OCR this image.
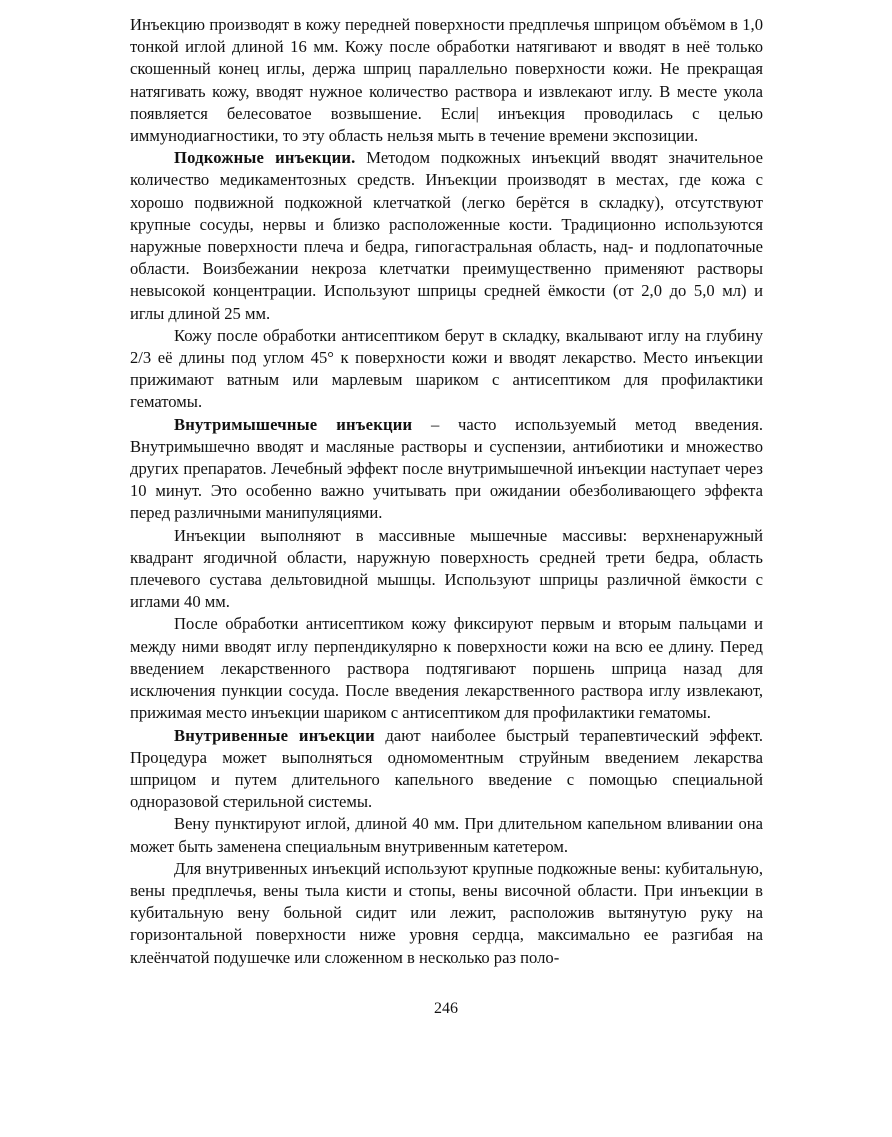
Инъекцию производят в кожу передней поверхности предплечья шприцом объёмом в 1,0 тонкой иглой длиной 16 мм. Кожу после обработки натягивают и вводят в неё только скошенный конец иглы, держа шприц параллельно поверхности кожи. Не прекращая натягивать кожу, вводят нужное количество раствора и извлекают иглу. В месте укола появляется белесоватое возвышение. Если| инъекция проводилась с целью иммунодиагностики, то эту область нельзя мыть в течение времени экспозиции.

Подкожные инъекции. Методом подкожных инъекций вводят значительное количество медикаментозных средств. Инъекции производят в местах, где кожа с хорошо подвижной подкожной клетчаткой (легко берётся в складку), отсутствуют крупные сосуды, нервы и близко расположенные кости. Традиционно используются наружные поверхности плеча и бедра, гипогастральная область, над- и подлопаточные области. Воизбежании некроза клетчатки преимущественно применяют растворы невысокой концентрации. Используют шприцы средней ёмкости (от 2,0 до 5,0 мл) и иглы длиной 25 мм.

Кожу после обработки антисептиком берут в складку, вкалывают иглу на глубину 2/3 её длины под углом 45° к поверхности кожи и вводят лекарство. Место инъекции прижимают ватным или марлевым шариком с антисептиком для профилактики гематомы.

Внутримышечные инъекции – часто используемый метод введения. Внутримышечно вводят и масляные растворы и суспензии, антибиотики и множество других препаратов. Лечебный эффект после внутримышечной инъекции наступает через 10 минут. Это особенно важно учитывать при ожидании обезболивающего эффекта перед различными манипуляциями.

Инъекции выполняют в массивные мышечные массивы: верхненаружный квадрант ягодичной области, наружную поверхность средней трети бедра, область плечевого сустава дельтовидной мышцы. Используют шприцы различной ёмкости с иглами 40 мм.

После обработки антисептиком кожу фиксируют первым и вторым пальцами и между ними вводят иглу перпендикулярно к поверхности кожи на всю ее длину. Перед введением лекарственного раствора подтягивают поршень шприца назад для исключения пункции сосуда. После введения лекарственного раствора иглу извлекают, прижимая место инъекции шариком с антисептиком для профилактики гематомы.

Внутривенные инъекции дают наиболее быстрый терапевтический эффект. Процедура может выполняться одномоментным струйным введением лекарства шприцом и путем длительного капельного введение с помощью специальной одноразовой стерильной системы.

Вену пунктируют иглой, длиной 40 мм. При длительном капельном вливании она может быть заменена специальным внутривенным катетером.

Для внутривенных инъекций используют крупные подкожные вены: кубитальную, вены предплечья, вены тыла кисти и стопы, вены височной области. При инъекции в кубитальную вену больной сидит или лежит, расположив вытянутую руку на горизонтальной поверхности ниже уровня сердца, максимально ее разгибая на клеёнчатой подушечке или сложенном в несколько раз поло-

246
